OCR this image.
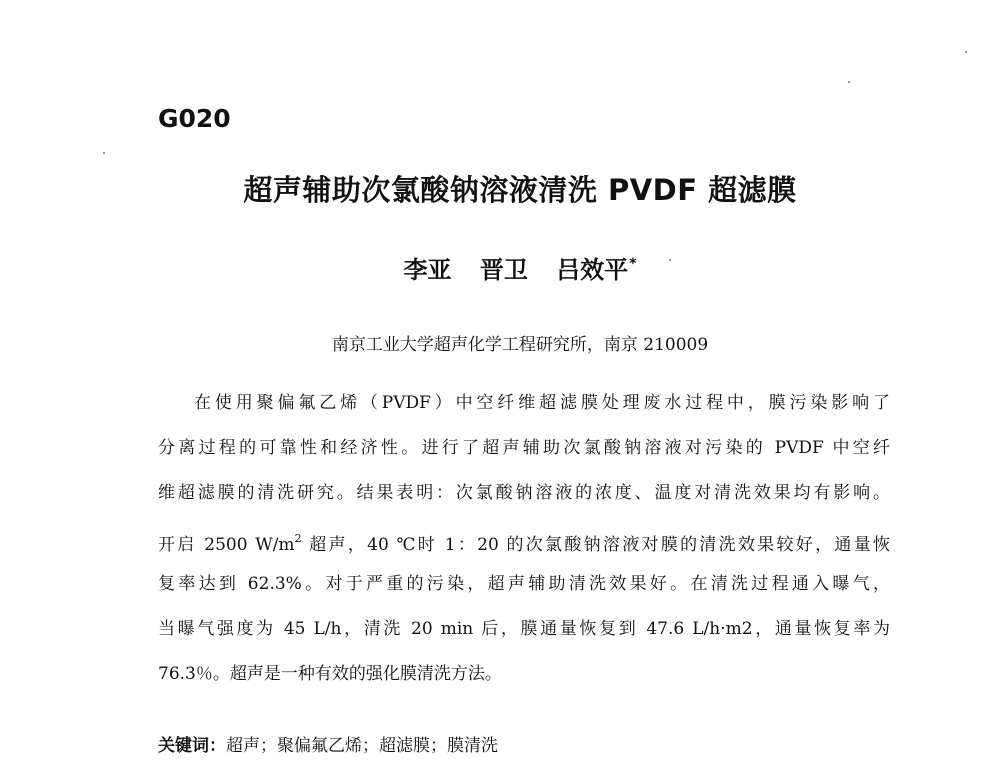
G020
超声辅助次氯酸钠溶液清洗 PVDF 超滤膜
李亚 晋卫 吕效平*
南京工业大学超声化学工程研究所，南京 210009
在使用聚偏氟乙烯（PVDF）中空纤维超滤膜处理废水过程中，膜污染影响了
分离过程的可靠性和经济性。进行了超声辅助次氯酸钠溶液对污染的 PVDF 中空纤
维超滤膜的清洗研究。结果表明：次氯酸钠溶液的浓度、温度对清洗效果均有影响。
开启 2500 $W/m^2$ 超声，40 ℃时 1：20 的次氯酸钠溶液对膜的清洗效果较好，通量恢
复率达到 62.3%。对于严重的污染，超声辅助清洗效果好。在清洗过程通入曝气，
当曝气强度为 45 L/h，清洗 20 min 后，膜通量恢复到 47.6 L/h·m2，通量恢复率为
76.3％。超声是一种有效的强化膜清洗方法。
关键词：超声；聚偏氟乙烯；超滤膜；膜清洗
